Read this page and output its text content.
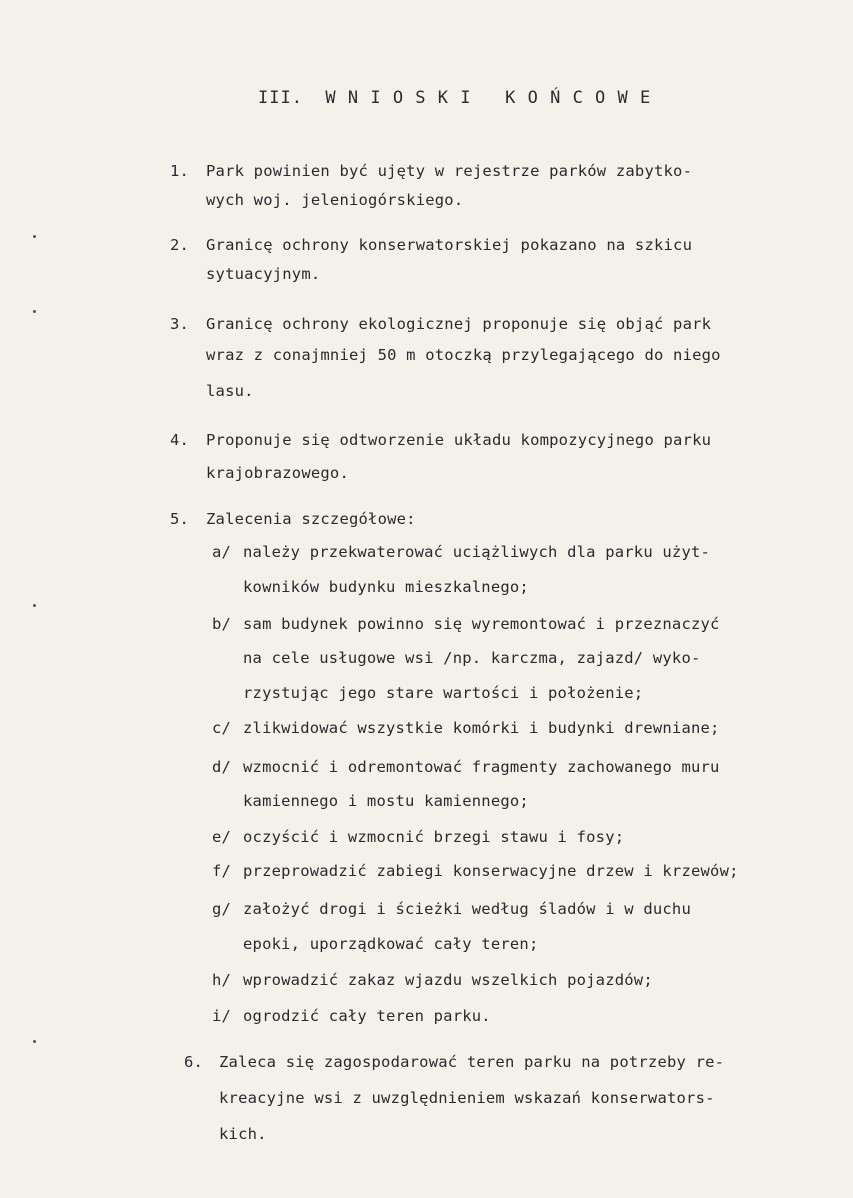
III.  W N I O S K I   K O Ń C O W E
1. Park powinien być ujęty w rejestrze parków zabytko-
wych woj. jeleniogórskiego.
2. Granicę ochrony konserwatorskiej pokazano na szkicu
sytuacyjnym.
3. Granicę ochrony ekologicznej proponuje się objąć park
wraz z conajmniej 50 m otoczką przylegającego do niego
lasu.
4. Proponuje się odtworzenie układu kompozycyjnego parku
krajobrazowego.
5. Zalecenia szczegółowe:
a/ należy przekwaterować uciążliwych dla parku użyt-
kowników budynku mieszkalnego;
b/ sam budynek powinno się wyremontować i przeznaczyć
na cele usługowe wsi /np. karczma, zajazd/ wyko-
rzystując jego stare wartości i położenie;
c/ zlikwidować wszystkie komórki i budynki drewniane;
d/ wzmocnić i odremontować fragmenty zachowanego muru
kamiennego i mostu kamiennego;
e/ oczyścić i wzmocnić brzegi stawu i fosy;
f/ przeprowadzić zabiegi konserwacyjne drzew i krzewów;
g/ założyć drogi i ścieżki według śladów i w duchu
epoki, uporządkować cały teren;
h/ wprowadzić zakaz wjazdu wszelkich pojazdów;
i/ ogrodzić cały teren parku.
6. Zaleca się zagospodarować teren parku na potrzeby re-
kreacyjne wsi z uwzględnieniem wskazań konserwators-
kich.
